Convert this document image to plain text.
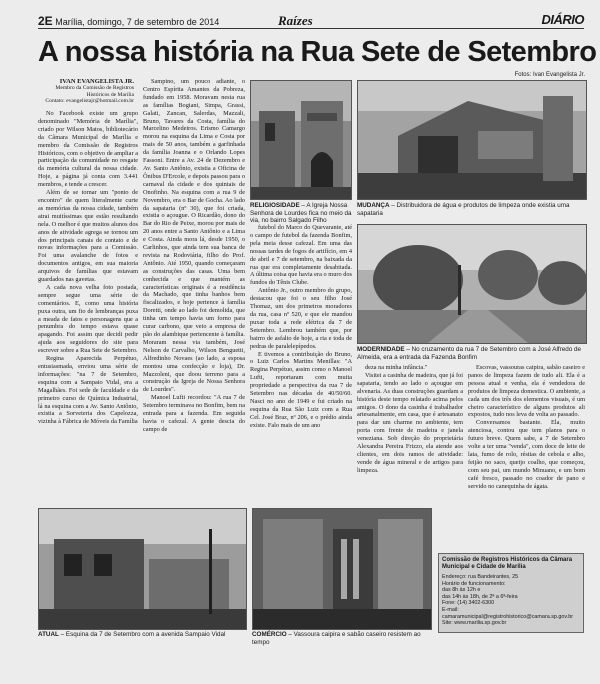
2E Marília, domingo, 7 de setembro de 2014	Raízes	DIÁRIO
A nossa história na Rua Sete de Setembro
IVAN EVANGELISTA JR.
Membro da Comissão de Registros Históricos de Marília
Contato: evangelistajr@hotmail.com.br

No Facebook existe um grupo denominado "Memória de Marília", criado por Wilson Matos, bibliotecário da Câmara Municipal de Marília e membro da Comissão de Registros Históricos, com o objetivo de ampliar a participação da comunidade no resgate da memória cultural da nossa cidade. Hoje, a página já conta com 3.441 membros, e tende a crescer.

Além de se tornar um "ponto de encontro" de quem literalmente curte as memórias da nossa cidade, também atrai muitíssimas que estão resultando nela. O melhor é que muitos alunos dos anos de atividade agrega se tornou um dos principais canais de contato e de novas informações para a Comissão. Foi uma avalanche de fotos e documentos antigos, em sua maioria arquivos de famílias que estavam guardados nas gavetas.

A cada nova velha foto postada, sempre segue uma série de comentários. E, como uma história puxa outra, um fio de lembranças puxa a meada de fatos e personagens que a penumbra do tempo estava quase apagando. Foi assim que decidi pedir ajuda aos seguidores do site para escrever sobre a Rua Sete de Setembro.

Regina Aparecida Perpétuo, entusiasmada, enviou uma série de informações: "na 7 de Setembro, esquina com a Sampaio Vidal, era a Magalhães. Foi sede de faculdade e da primeiro curso de Química Industrial, lá na esquina com a Av. Santo Antônio, existia a Sorveteria dos Capelozza, vizinha à Fábrica de Móveis da Família

Sampino, um pouco adiante, o Centro Espírita Amantes da Pobreza, fundado em 1958. Moravam nesta rua as famílias Bogiani, Simpa, Grassi, Galati, Zancan, Salerdas, Mazzali, Bruno, Tavares da Costa, família do Marcelino Medeiros. Erismo Camargo morou na esquina da Lima e Costa por mais de 50 anos, também a garfinhada da família Joanna e o Orlando Lopes Fassoni. Entre a Av. 24 de Dezembro e Av. Santo Antônio, existia a Oficina de Ônibus D'Ercole, e depois passou para o carnaval da cidade e dos quintais de Onofinho. Na esquina com a rua 9 de Novembro, era o Bar de Gocha. Ao lado da sapataria (nº 30), que foi criada, existia o açougue. O Ricardão, dono do Bar do Rio de Peixe, morou por mais de 20 anos entre a Santo Antônio e a Lima e Costa. Ainda mora lá, desde 1950, o Carlinhos, que ainda tem sua banca de revista na Rodoviária, filho do Prof. Antônio. Até 1950, quando começaram as construções das casas. Uma bem conhecida e que mantém as características originais é a residência da Machado, que tinha banhos bem fiscalizados, e hoje pertence à família Doretti, onde ao lado foi demolida, que tinha um tempo havia um forno para curar carbono, que veio a empresa de pão do alambique pertencente à família. Moraram nessa via também, José Nelson de Carvalho, Wilson Benguetti, Alfredinho Novaes (ao lado, a esposa montou uma confecção e loja), Dr. Mazzoleni, que doou terreno para a construção da Igreja de Nossa Senhora de Lourdes".

Manoel Lufti recordou: "A rua 7 de Setembro terminava no Bonfim, bem na entrada para a fazenda. Em seguida havia o cafezal. A gente descia do campo de

Fotos: Ivan Evangelista Jr.
RELIGIOSIDADE – A Igreja Nossa Senhora de Lourdes fica no meio da via, no bairro Salgado Filho
MUDANÇA – Distribuidora de água e produtos de limpeza onde existia uma sapataria

futebol do Marco do Quevarante, até o campo de futebol da fazenda Bonfim, pela meia desse cafezal. Em uma das nossas tardes de fogos de artifício, em 4 de abril e 7 de setembro, na baixada da rua que era completamente desabitada. A última coisa que havia era o muro dos fundos do Tênis Clube.

Antônio Jr., outro membro do grupo, destacou que foi o seu filho José Thomaz, um dos primeiros moradores da rua, casa nº 520, e que ele mandou puxar toda a rede elétrica da 7 de Setembro. Lembrou também que, por bairro de asfalto de hoje, a ria e toda de pedras de paralelepípedos.

E tivemos a contribuição do Bruno, o Luiz Carlos Martins Menillas: "A Regina Perpétuo, assim como o Manoel Lufti, reportaram com muita propriedade a perspectiva da rua 7 de Setembro nas décadas de 40/50/60. Nasci no ano de 1949 e fui criado na esquina da Rua São Luiz com a Rua Cel. José Braz, nº 206, e o prédio ainda existe. Falo mais de um ano

MODERNIDADE – No cruzamento da rua 7 de Setembro com a José Alfredo de Almeida, era a entrada da Fazenda Bonfim

deza na minha infância."

Visitei a casinha de madeira, que já foi sapataria, tendo ao lado o açougue em alvenaria. As duas construções guardam a história deste tempo relatado acima pelos amigos. O dono da casinha é trabalhador artesanalmente, em casa, que é artesanato para dar um charme no ambiente, tem porta com frente de madeira e janela veneziana. Sob direção do proprietária Alexandra Pereira Frizzo, ela atende aos clientes, em dois ramos de atividade: vende de água mineral e de artigos para limpeza.

Escovas, vassouras caipira, sabão caseiro e panos de limpeza fazem de tudo ali. Ela é a pessoa atual e venha, ela é vendedora de produtos de limpeza domestica. O ambiente, a cada um dos três dos elementos visuais, é um cheiro característico de alguns produtos ali expostos, tudo nos leva de volta ao passado.

Conversamos bastante. Ela, muito atenciosa, contou que tem planos para o futuro breve. Quem sabe, a 7 de Setembro volte a ter uma "venda", com doce de leite de lata, fumo de rolo, réstias de cebola e alho, feijão no saco, queijo coalho, que começou, com seu pai, um mundo Minuano, e um bom café fresco, passado no coador de pano e servido no canequinha de ágata.

ATUAL – Esquina da 7 de Setembro com a avenida Sampaio Vidal	COMÉRCIO – Vassoura caipira e sabão caseiro resistem ao tempo
Comissão de Registros Históricos da Câmara Municipal e Cidade de Marília
Endereço: rua Bandeirantes, 25
Horário de funcionamento:
das 8h às 12h e
das 14h às 18h, de 2ª a 6ª-feira
Fone: (14) 3402-6300
E-mail:
camaramunicipal@registrohistorico@camara.sp.gov.br
Site: www.marilia.sp.gov.br
